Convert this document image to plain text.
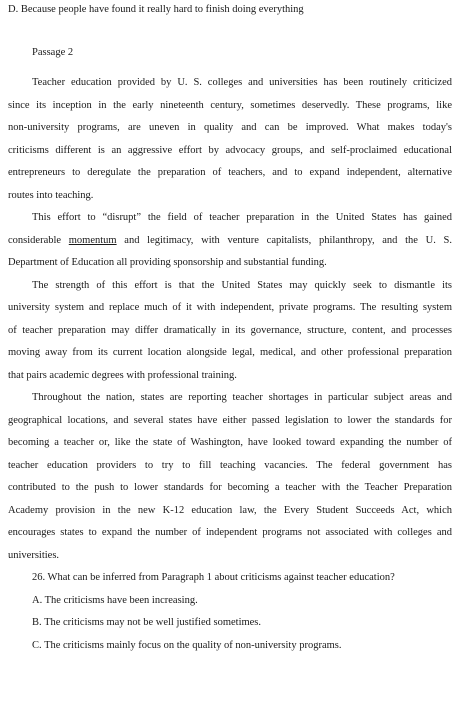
D. Because people have found it really hard to finish doing everything
Passage 2
Teacher education provided by U. S. colleges and universities has been routinely criticized
since its inception in the early nineteenth century, sometimes deservedly. These programs, like
non-university programs, are uneven in quality and can be improved. What makes today's
criticisms different is an aggressive effort by advocacy groups, and self-proclaimed educational
entrepreneurs to deregulate the preparation of teachers, and to expand independent, alternative
routes into teaching.
This effort to “disrupt” the field of teacher preparation in the United States has gained
considerable momentum and legitimacy, with venture capitalists, philanthropy, and the U. S.
Department of Education all providing sponsorship and substantial funding.
The strength of this effort is that the United States may quickly seek to dismantle its
university system and replace much of it with independent, private programs. The resulting system
of teacher preparation may differ dramatically in its governance, structure, content, and processes
moving away from its current location alongside legal, medical, and other professional preparation
that pairs academic degrees with professional training.
Throughout the nation, states are reporting teacher shortages in particular subject areas and
geographical locations, and several states have either passed legislation to lower the standards for
becoming a teacher or, like the state of Washington, have looked toward expanding the number of
teacher education providers to try to fill teaching vacancies. The federal government has
contributed to the push to lower standards for becoming a teacher with the Teacher Preparation
Academy provision in the new K-12 education law, the Every Student Succeeds Act, which
encourages states to expand the number of independent programs not associated with colleges and
universities.
26. What can be inferred from Paragraph 1 about criticisms against teacher education?
A. The criticisms have been increasing.
B. The criticisms may not be well justified sometimes.
C. The criticisms mainly focus on the quality of non-university programs.
